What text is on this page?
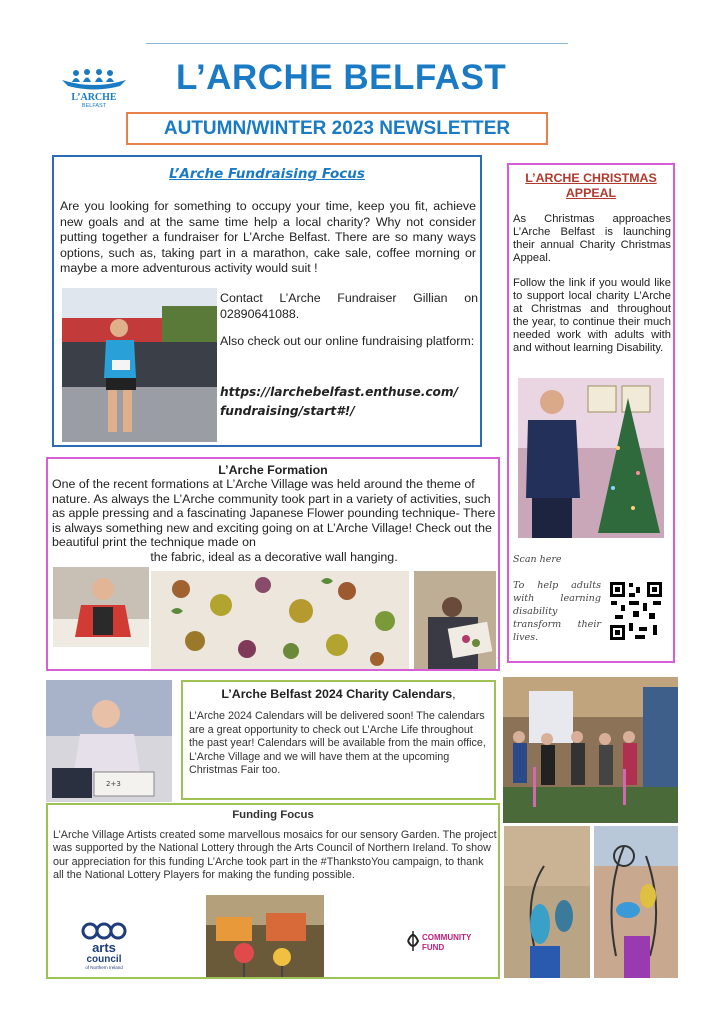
L’ARCHE
BELFAST
L’ARCHE BELFAST
AUTUMN/WINTER 2023 NEWSLETTER
L’Arche Fundraising Focus
Are you looking for something to occupy your time, keep you fit, achieve new goals and at the same time help a local charity? Why not consider putting together a fundraiser for L’Arche Belfast. There are so many ways options, such as, taking part in a marathon, cake sale, coffee morning or maybe a more adventurous activity would suit !
Contact L’Arche Fundraiser Gillian on 02890641088.
Also check out our online fundraising platform:
https://larchebelfast.enthuse.com/
fundraising/start#!/
L’ARCHE CHRISTMAS APPEAL
As Christmas approaches L’Arche Belfast is launching their annual Charity Christmas Appeal.
Follow the link if you would like to support local charity L’Arche at Christmas and throughout the year, to continue their much needed work with adults with and without learning Disability.
Scan here
To help adults with learning disability transform their lives.
L’Arche Formation
One of the recent formations at L’Arche Village was held around the theme of nature. As always the L’Arche community took part in a variety of activities, such as apple pressing and a fascinating Japanese Flower pounding technique- There is always something new and exciting going on at L’Arche Village! Check out the beautiful print the technique made on
the fabric, ideal as a decorative wall hanging.
2+3
L’Arche Belfast 2024 Charity Calendars,
L’Arche 2024 Calendars will be delivered soon! The calendars are a great opportunity to check out L’Arche Life throughout the past year! Calendars will be available from the main office, L’Arche Village and we will have them at the upcoming Christmas Fair too.
Funding Focus
L’Arche Village Artists created some marvellous mosaics for our sensory Garden. The project was supported by the National Lottery through the Arts Council of Northern Ireland. To show our appreciation for this funding L’Arche took part in the #ThankstoYou campaign, to thank all the National Lottery Players for making the funding possible.
arts
council
of Northern Ireland
COMMUNITY
FUND
